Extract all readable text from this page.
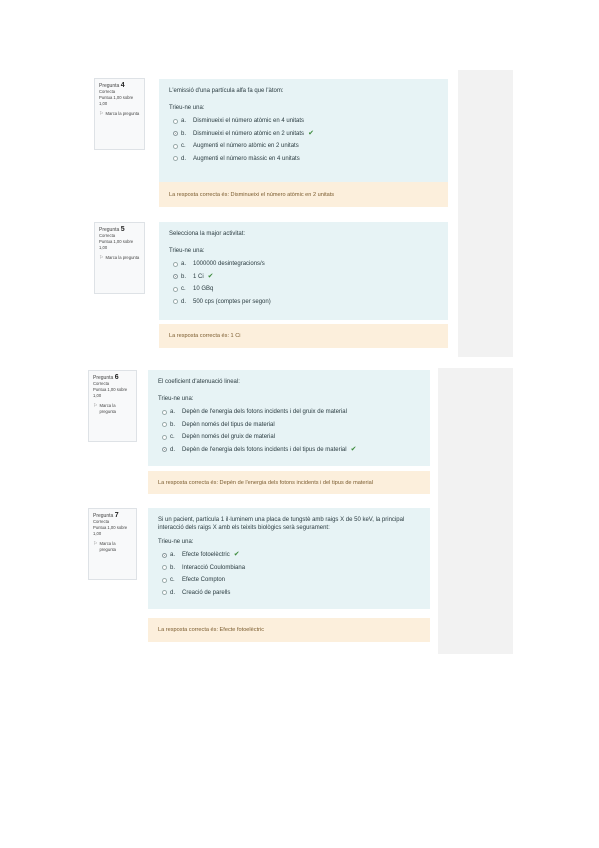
Pregunta 4
Correcta
Puntua 1,00 sobre 1,00
⚐ Marca la pregunta
L'emissió d'una partícula alfa fa que l'àtom:
Trieu-ne una:
a.	Disminueixi el número atòmic en 4 unitats
b.	Disminueixi el número atòmic en 2 unitats ✔
c.	Augmenti el número atòmic en 2 unitats
d.	Augmenti el número màssic en 4 unitats
La resposta correcta és: Disminueixi el número atòmic en 2 unitats
Pregunta 5
Correcta
Puntua 1,00 sobre 1,00
⚐ Marca la pregunta
Selecciona la major activitat:
Trieu-ne una:
a.	1000000 desintegracions/s
b.	1 Ci ✔
c.	10 GBq
d.	500 cps (comptes per segon)
La resposta correcta és: 1 Ci
Pregunta 6
Correcta
Puntua 1,00 sobre 1,00
⚐ Marca la pregunta
El coeficient d'atenuació lineal:
Trieu-ne una:
a.	Depèn de l'energia dels fotons incidents i del gruix de material
b.	Depèn només del tipus de material
c.	Depèn només del gruix de material
d.	Depèn de l'energia dels fotons incidents i del tipus de material ✔
La resposta correcta és: Depèn de l'energia dels fotons incidents i del tipus de material
Pregunta 7
Correcta
Puntua 1,00 sobre 1,00
⚐ Marca la pregunta
Si un pacient, partícula 1 il·luminem una placa de tungstè amb raigs X de 50 keV, la principal interacció dels raigs X amb els teixits biològics serà segurament:
Trieu-ne una:
a.	Efecte fotoelèctric ✔
b.	Interacció Coulombiana
c.	Efecte Compton
d.	Creació de parells
La resposta correcta és: Efecte fotoelèctric
